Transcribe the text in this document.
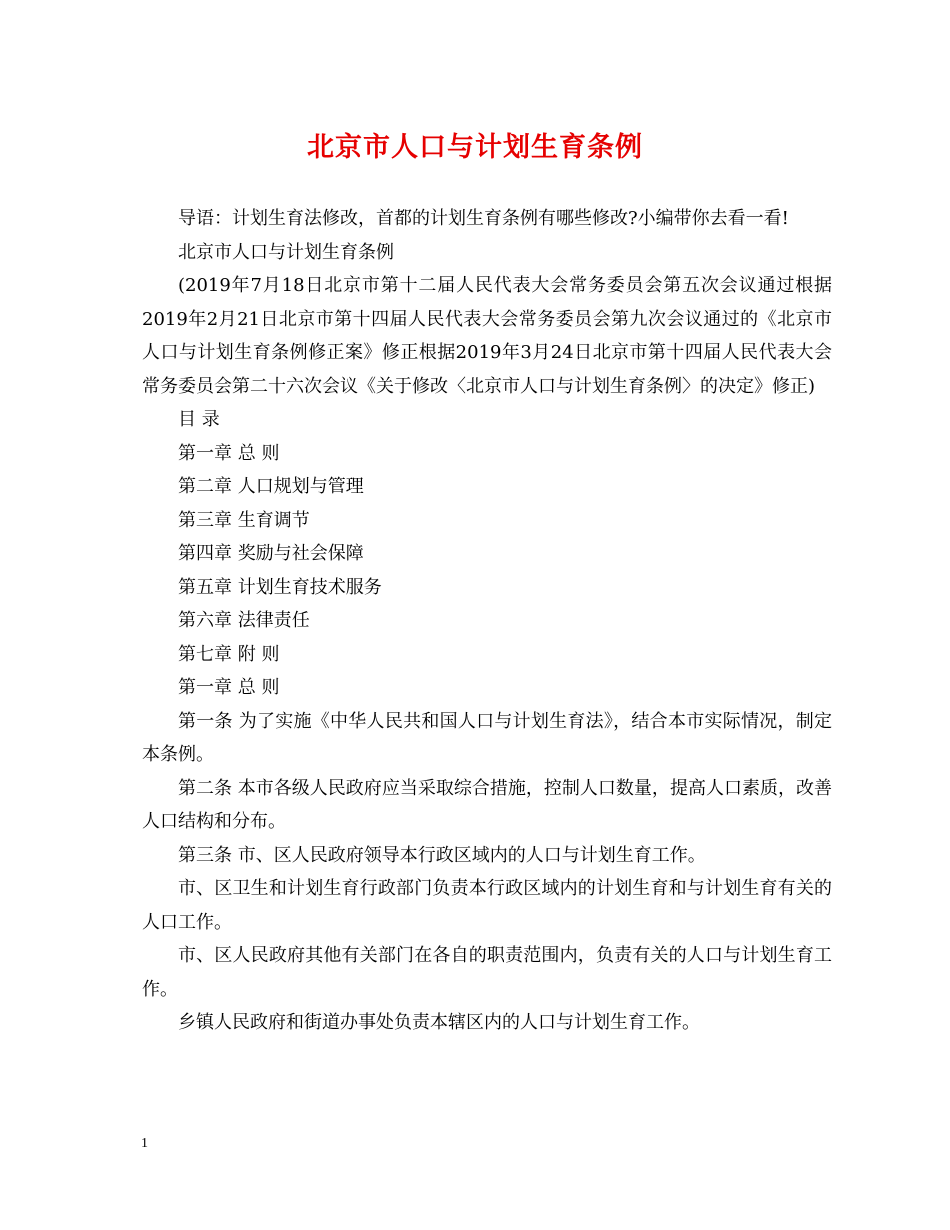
北京市人口与计划生育条例

导语：计划生育法修改，首都的计划生育条例有哪些修改?小编带你去看一看!

北京市人口与计划生育条例

(2019年7月18日北京市第十二届人民代表大会常务委员会第五次会议通过根据2019年2月21日北京市第十四届人民代表大会常务委员会第九次会议通过的《北京市人口与计划生育条例修正案》修正根据2019年3月24日北京市第十四届人民代表大会常务委员会第二十六次会议《关于修改〈北京市人口与计划生育条例〉的决定》修正)

目 录

第一章 总 则

第二章 人口规划与管理

第三章 生育调节

第四章 奖励与社会保障

第五章 计划生育技术服务

第六章 法律责任

第七章 附 则

第一章 总 则

第一条 为了实施《中华人民共和国人口与计划生育法》，结合本市实际情况，制定本条例。

第二条 本市各级人民政府应当采取综合措施，控制人口数量，提高人口素质，改善人口结构和分布。

第三条 市、区人民政府领导本行政区域内的人口与计划生育工作。

市、区卫生和计划生育行政部门负责本行政区域内的计划生育和与计划生育有关的人口工作。

市、区人民政府其他有关部门在各自的职责范围内，负责有关的人口与计划生育工作。

乡镇人民政府和街道办事处负责本辖区内的人口与计划生育工作。

1
